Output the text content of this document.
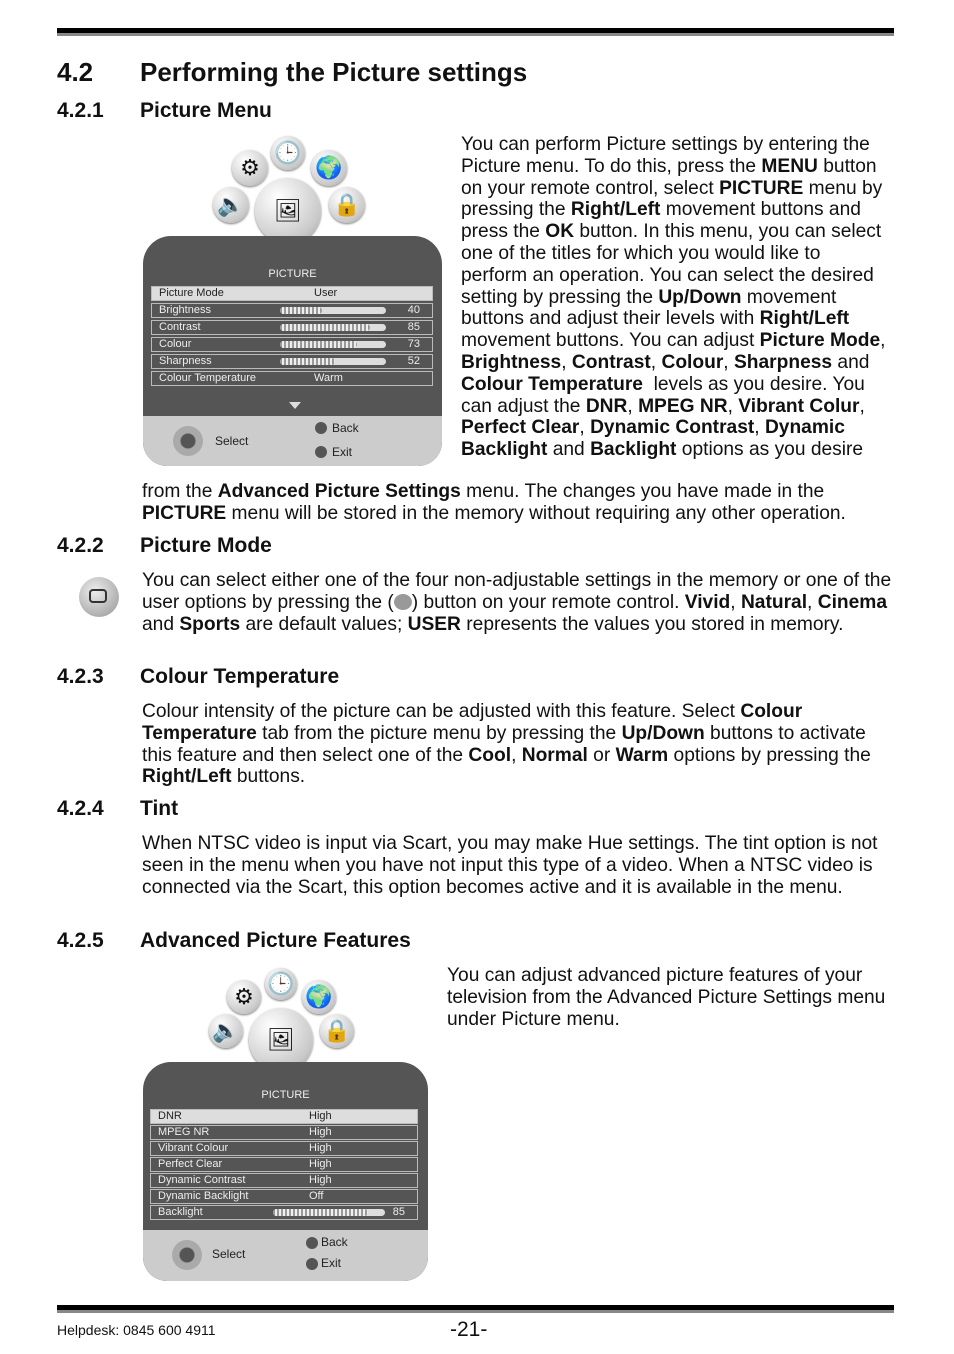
4.2 Performing the Picture settings
4.2.1 Picture Menu
⚙
🕒
🌍
🔈	🔒
🖼
PICTURE
Picture Mode	User
Brightness	40
Contrast	85
Colour	73
Sharpness	52
Colour Temperature	Warm
Select
Back
Exit

You can perform Picture settings by entering the Picture menu. To do this, press the MENU button on your remote control, select PICTURE menu by pressing the Right/Left movement buttons and press the OK button. In this menu, you can select one of the titles for which you would like to perform an operation. You can select the desired setting by pressing the Up/Down movement buttons and adjust their levels with Right/Left movement buttons. You can adjust Picture Mode, Brightness, Contrast, Colour, Sharpness and Colour Temperature  levels as you desire. You can adjust the DNR, MPEG NR, Vibrant Colur, Perfect Clear, Dynamic Contrast, Dynamic Backlight and Backlight options as you desire

from the Advanced Picture Settings menu. The changes you have made in the PICTURE menu will be stored in the memory without requiring any other operation.

4.2.2 Picture Mode

You can select either one of the four non-adjustable settings in the memory or one of the user options by pressing the ( ) button on your remote control. Vivid, Natural, Cinema and Sports are default values; USER represents the values you stored in memory.

4.2.3 Colour Temperature

Colour intensity of the picture can be adjusted with this feature. Select Colour Temperature tab from the picture menu by pressing the Up/Down buttons to activate this feature and then select one of the Cool, Normal or Warm options by pressing the Right/Left buttons.

4.2.4 Tint

When NTSC video is input via Scart, you may make Hue settings. The tint option is not seen in the menu when you have not input this type of a video. When a NTSC video is connected via the Scart, this option becomes active and it is available in the menu.

4.2.5 Advanced Picture Features

You can adjust advanced picture features of your television from the Advanced Picture Settings menu under Picture menu.

⚙
🕒
🌍
🔈	🔒
🖼
PICTURE
DNR	High
MPEG NR	High
Vibrant Colour	High
Perfect Clear	High
Dynamic Contrast	High
Dynamic Backlight	Off
Backlight	85
Select
Back
Exit
Helpdesk: 0845 600 4911	-21-
